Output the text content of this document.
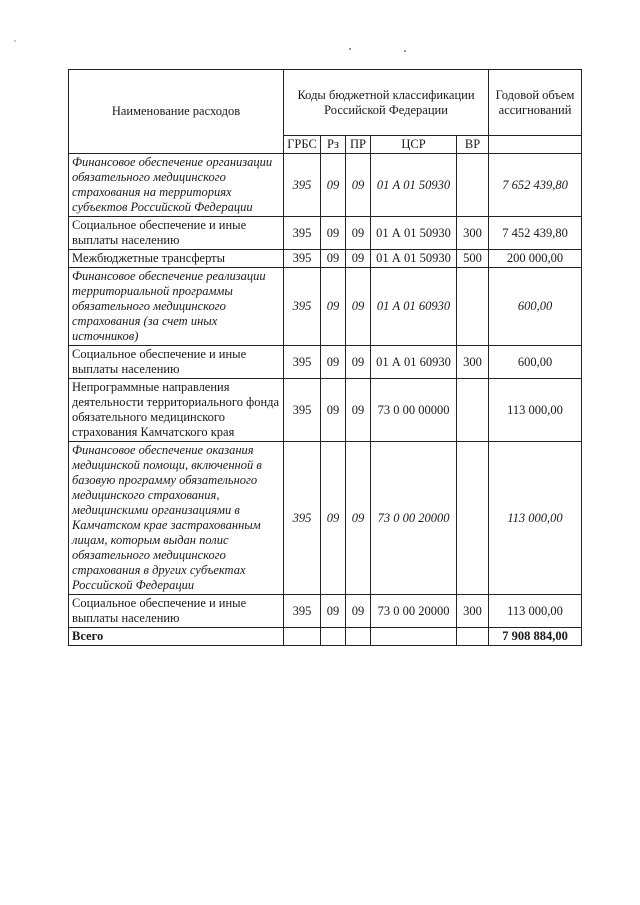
Наименование расходов	Коды бюджетной классификации Российской Федерации					Годовой объем ассигнований
	ГРБС	Рз	ПР	ЦСР	ВР	
Финансовое обеспечение организации обязательного медицинского страхования на территориях субъектов Российской Федерации	395	09	09	01 А 01 50930		7 652 439,80
Социальное обеспечение и иные выплаты населению	395	09	09	01 А 01 50930	300	7 452 439,80
Межбюджетные трансферты	395	09	09	01 А 01 50930	500	200 000,00
Финансовое обеспечение реализации территориальной программы обязательного медицинского страхования (за счет иных источников)	395	09	09	01 А 01 60930		600,00
Социальное обеспечение и иные выплаты населению	395	09	09	01 А 01 60930	300	600,00
Непрограммные направления деятельности территориального фонда обязательного медицинского страхования Камчатского края	395	09	09	73 0 00 00000		113 000,00
Финансовое обеспечение оказания медицинской помощи, включенной в базовую программу обязательного медицинского страхования, медицинскими организациями в Камчатском крае застрахованным лицам, которым выдан полис обязательного медицинского страхования в других субъектах Российской Федерации	395	09	09	73 0 00 20000		113 000,00
Социальное обеспечение и иные выплаты населению	395	09	09	73 0 00 20000	300	113 000,00
Всего						7 908 884,00
